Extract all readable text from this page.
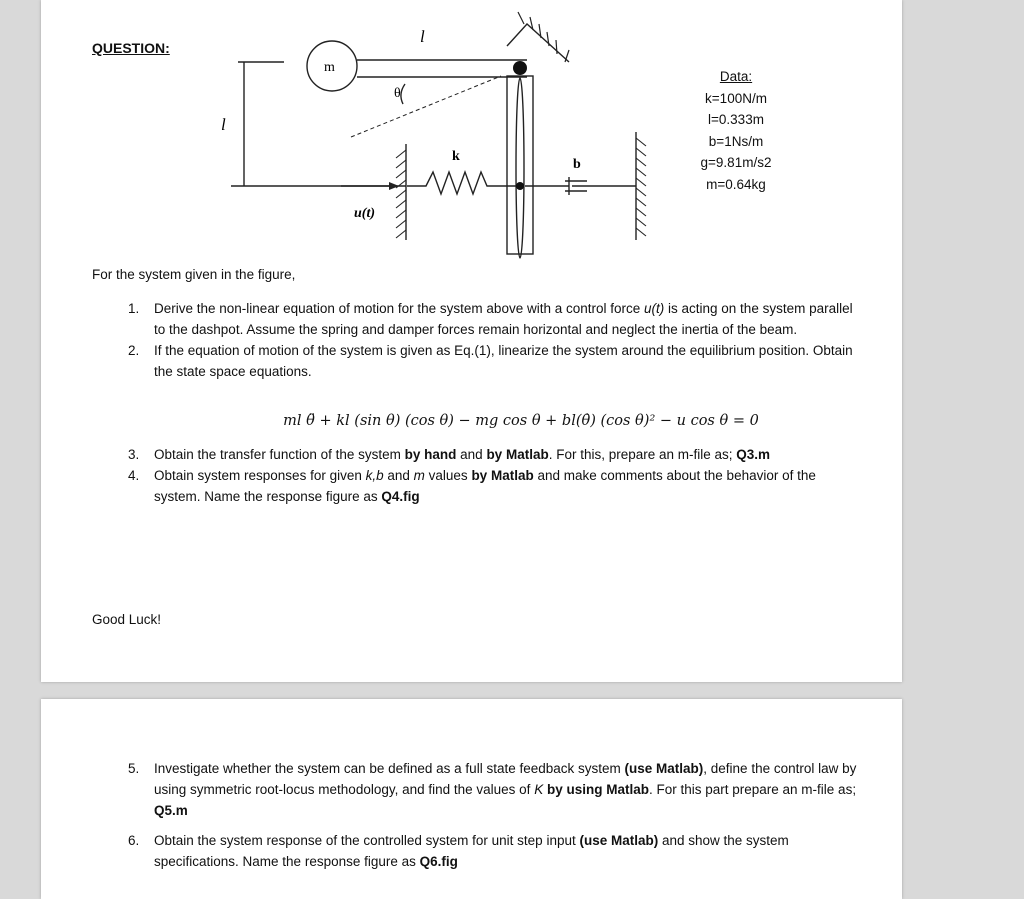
QUESTION:
l
l
m
θ
k
b
u(t)
Data:
k=100N/m
l=0.333m
b=1Ns/m
g=9.81m/s2
m=0.64kg
For the system given in the figure,
1. Derive the non-linear equation of motion for the system above with a control force u(t) is acting on the system parallel to the dashpot. Assume the spring and damper forces remain horizontal and neglect the inertia of the beam.
2. If the equation of motion of the system is given as Eq.(1), linearize the system around the equilibrium position. Obtain the state space equations.
ml θ̈ + kl (sin θ) (cos θ) − mg cos θ + bl(θ̇) (cos θ)² − u cos θ = 0
3. Obtain the transfer function of the system by hand and by Matlab. For this, prepare an m-file as; Q3.m
4. Obtain system responses for given k,b and m values by Matlab and make comments about the behavior of the system. Name the response figure as Q4.fig
Good Luck!
5. Investigate whether the system can be defined as a full state feedback system (use Matlab), define the control law by using symmetric root-locus methodology, and find the values of K by using Matlab. For this part prepare an m-file as; Q5.m
6. Obtain the system response of the controlled system for unit step input (use Matlab) and show the system specifications. Name the response figure as Q6.fig
